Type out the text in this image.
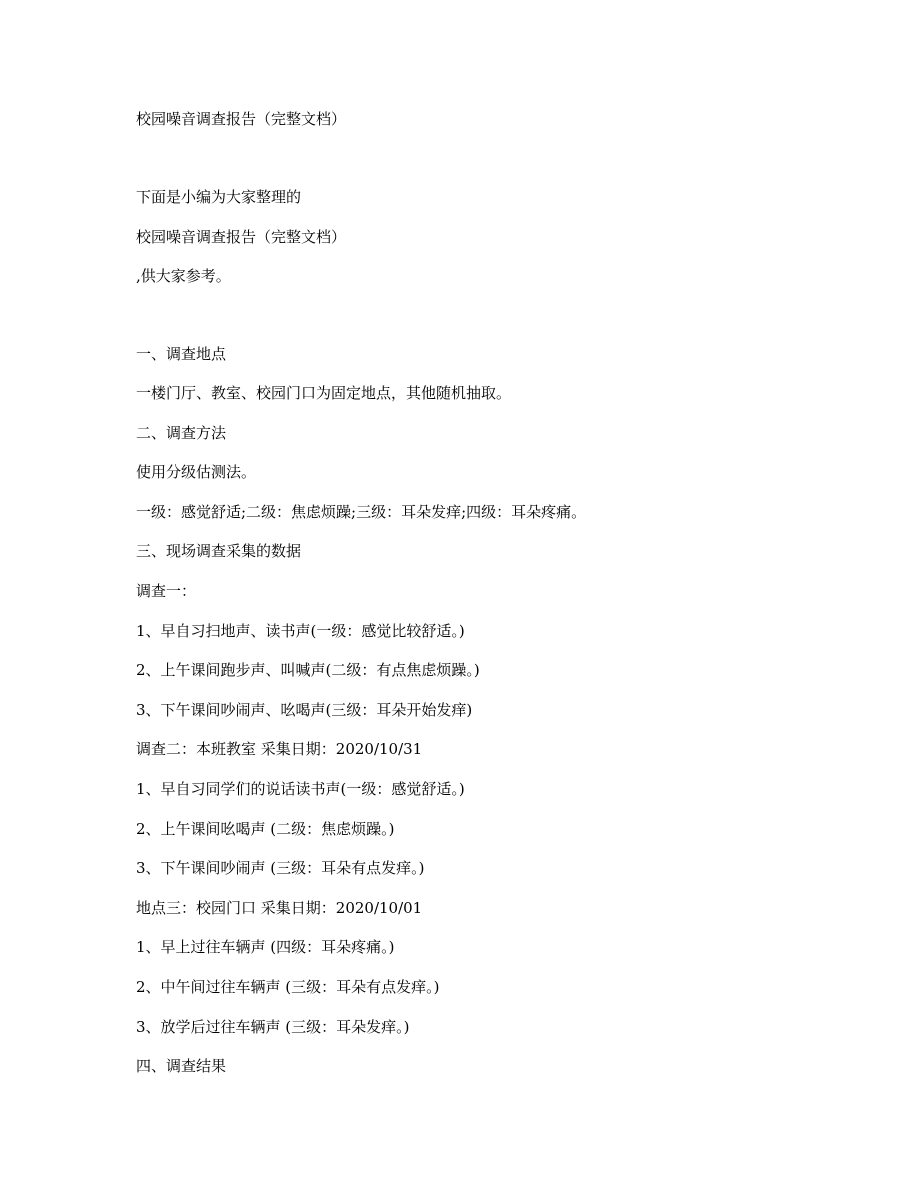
校园噪音调查报告（完整文档）

下面是小编为大家整理的

校园噪音调查报告（完整文档）

,供大家参考。

一、调查地点

一楼门厅、教室、校园门口为固定地点，其他随机抽取。

二、调查方法

使用分级估测法。

一级：感觉舒适;二级：焦虑烦躁;三级：耳朵发痒;四级：耳朵疼痛。

三、现场调查采集的数据

调查一：

1、早自习扫地声、读书声(一级：感觉比较舒适。)

2、上午课间跑步声、叫喊声(二级：有点焦虑烦躁。)

3、下午课间吵闹声、吆喝声(三级：耳朵开始发痒)

调查二：本班教室 采集日期：2020/10/31

1、早自习同学们的说话读书声(一级：感觉舒适。)

2、上午课间吆喝声 (二级：焦虑烦躁。)

3、下午课间吵闹声 (三级：耳朵有点发痒。)

地点三：校园门口 采集日期：2020/10/01

1、早上过往车辆声 (四级：耳朵疼痛。)

2、中午间过往车辆声 (三级：耳朵有点发痒。)

3、放学后过往车辆声 (三级：耳朵发痒。)

四、调查结果
